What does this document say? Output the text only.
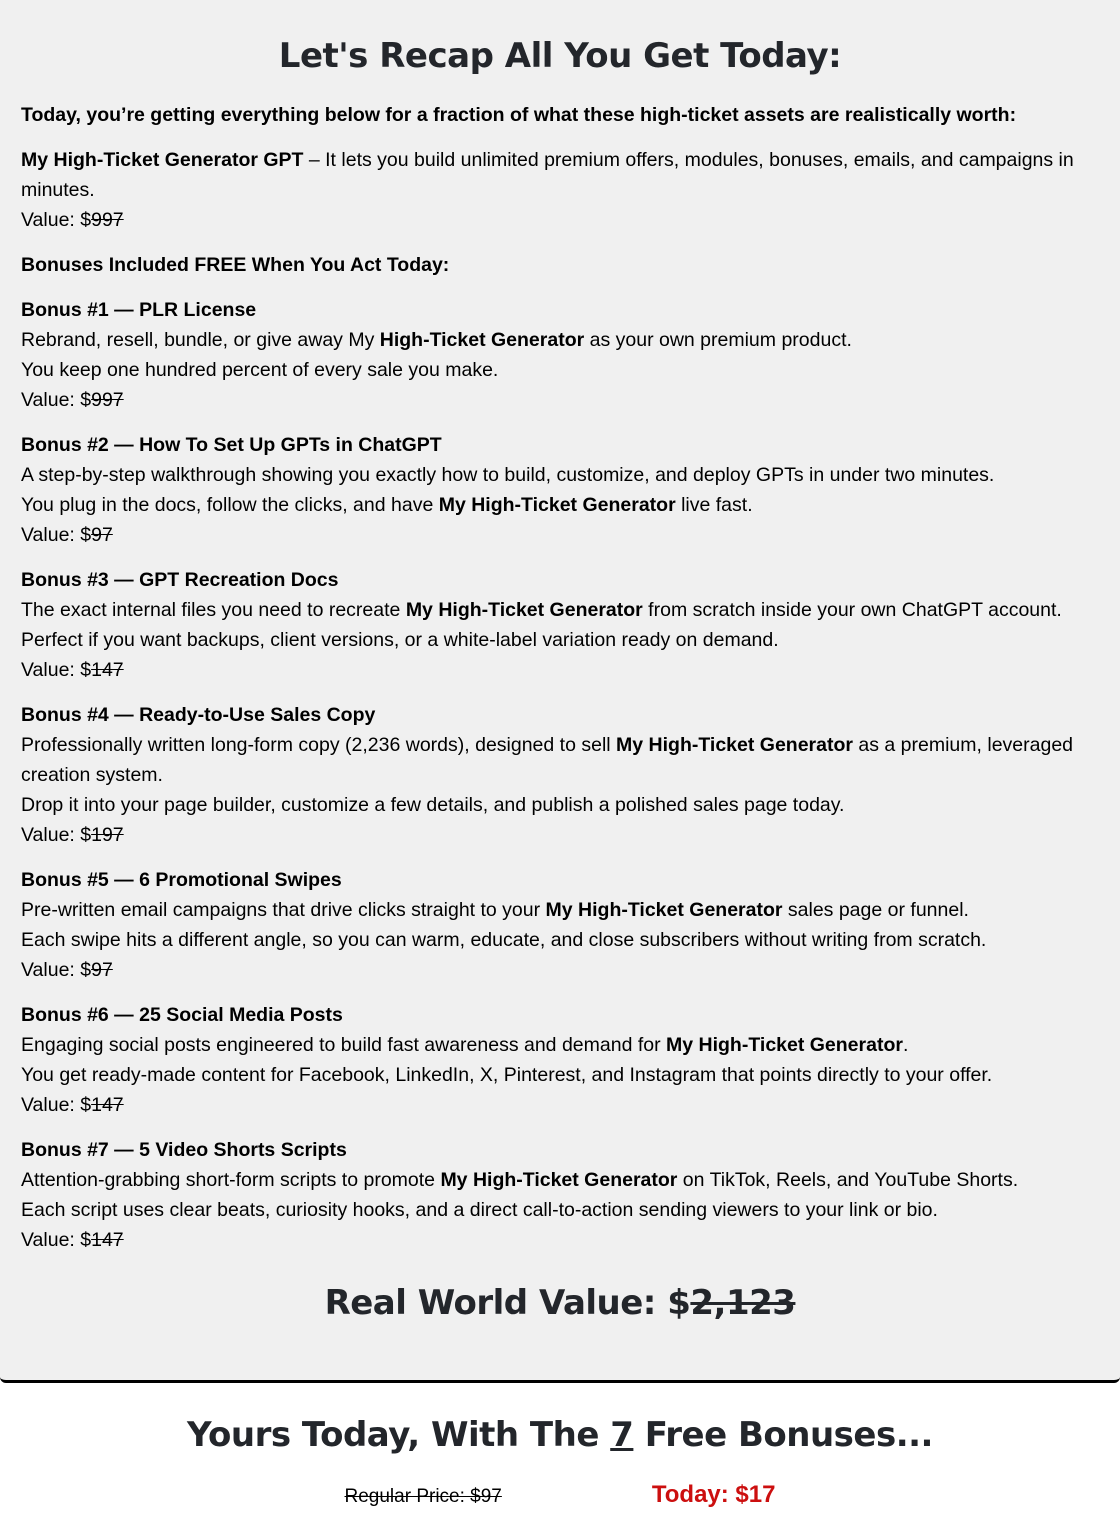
Let's Recap All You Get Today:

Today, you’re getting everything below for a fraction of what these high-ticket assets are realistically worth:

My High-Ticket Generator GPT – It lets you build unlimited premium offers, modules, bonuses, emails, and campaigns in minutes.

Value: $997

Bonuses Included FREE When You Act Today:

Bonus #1 — PLR License

Rebrand, resell, bundle, or give away My High-Ticket Generator as your own premium product.

You keep one hundred percent of every sale you make.

Value: $997

Bonus #2 — How To Set Up GPTs in ChatGPT

A step-by-step walkthrough showing you exactly how to build, customize, and deploy GPTs in under two minutes.

You plug in the docs, follow the clicks, and have My High-Ticket Generator live fast.

Value: $97

Bonus #3 — GPT Recreation Docs

The exact internal files you need to recreate My High-Ticket Generator from scratch inside your own ChatGPT account.

Perfect if you want backups, client versions, or a white-label variation ready on demand.

Value: $147

Bonus #4 — Ready-to-Use Sales Copy

Professionally written long-form copy (2,236 words), designed to sell My High-Ticket Generator as a premium, leveraged creation system.

Drop it into your page builder, customize a few details, and publish a polished sales page today.

Value: $197

Bonus #5 — 6 Promotional Swipes

Pre-written email campaigns that drive clicks straight to your My High-Ticket Generator sales page or funnel.

Each swipe hits a different angle, so you can warm, educate, and close subscribers without writing from scratch.

Value: $97

Bonus #6 — 25 Social Media Posts

Engaging social posts engineered to build fast awareness and demand for My High-Ticket Generator.

You get ready-made content for Facebook, LinkedIn, X, Pinterest, and Instagram that points directly to your offer.

Value: $147

Bonus #7 — 5 Video Shorts Scripts

Attention-grabbing short-form scripts to promote My High-Ticket Generator on TikTok, Reels, and YouTube Shorts.

Each script uses clear beats, curiosity hooks, and a direct call-to-action sending viewers to your link or bio.

Value: $147

Real World Value: $2,123
Yours Today, With The 7 Free Bonuses...
Regular Price: $97	Today: $17
